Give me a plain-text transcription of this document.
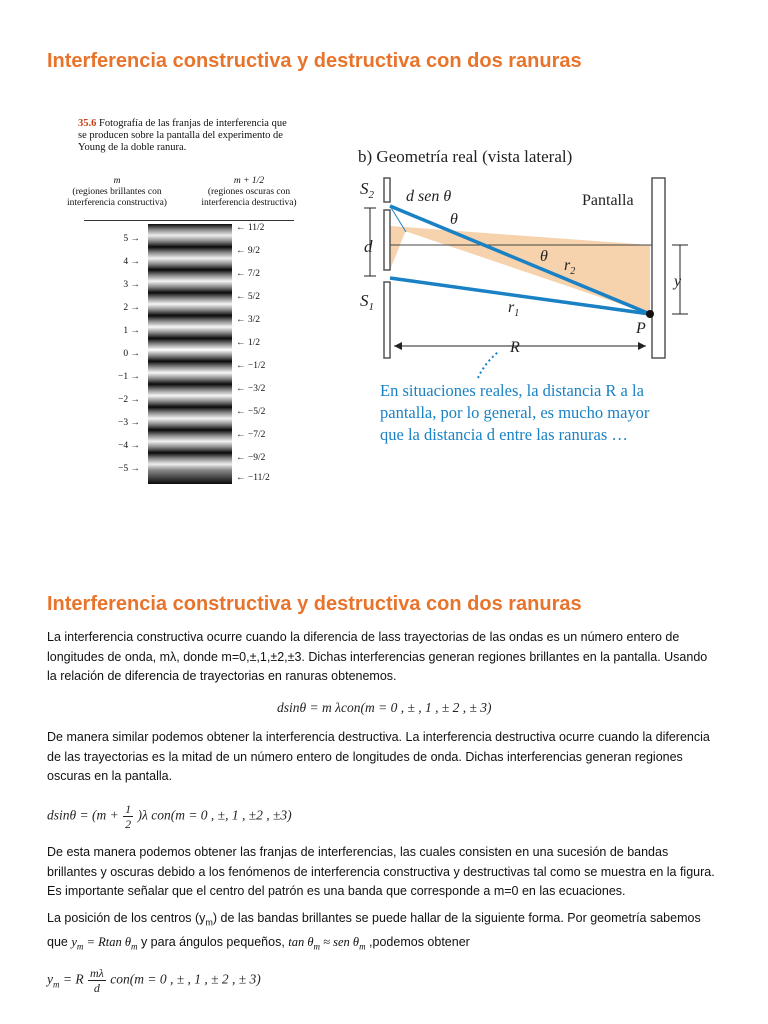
Interferencia constructiva y destructiva con dos ranuras
35.6 Fotografía de las franjas de interferencia que se producen sobre la pantalla del experimento de Young de la doble ranura.
m
(regiones brillantes con interferencia constructiva)
m + 1/2
(regiones oscuras con interferencia destructiva)
5 →
4 →
3 →
2 →
1 →
0 →
−1 →
−2 →
−3 →
−4 →
−5 →
← 11/2
← 9/2
← 7/2
← 5/2
← 3/2
← 1/2
← −1/2
← −3/2
← −5/2
← −7/2
← −9/2
← −11/2
b) Geometría real (vista lateral)
$S_2$
$S_1$
d
d sen θ
θ
θ
Pantalla
$r_2$
$r_1$
y
P
R
En situaciones reales, la distancia R a la
pantalla, por lo general, es mucho mayor
que la distancia d entre las ranuras …
Interferencia constructiva y destructiva con dos ranuras

La interferencia constructiva ocurre cuando la diferencia de lass trayectorias de las ondas es un número entero de longitudes de onda, mλ, donde m=0,±,1,±2,±3. Dichas interferencias generan regiones brillantes en la pantalla. Usando la relación de diferencia de trayectorias en ranuras obtenemos.

dsinθ = m λcon(m = 0 , ± , 1 , ± 2 , ± 3)

De manera similar podemos obtener la interferencia destructiva. La interferencia destructiva ocurre cuando la diferencia de las trayectorias es la mitad de un número entero de longitudes de onda. Dichas interferencias generan regiones oscuras en la pantalla.

$dsin\theta = (m + \frac{1}{2} )\lambda$ con(m = 0 , ±, 1 , ±2 , ±3)

De esta manera podemos obtener las franjas de interferencias, las cuales consisten en una sucesión de bandas brillantes y oscuras debido a los fenómenos de interferencia constructiva y destructivas tal como se muestra en la figura. Es importante señalar que el centro del patrón es una banda que corresponde a m=0 en las ecuaciones.

La posición de los centros $(y_m)$ de las bandas brillantes se puede hallar de la siguiente forma. Por geometría sabemos que $y_m = Rtan$ $\theta_m$ y para ángulos pequeños, $\tan \theta_m$ ≈ sen $\theta_m$ ,podemos obtener

$y_m = R \frac{m\lambda}{d} con(m = 0$ , ± , 1 , ± 2 , ± 3)
